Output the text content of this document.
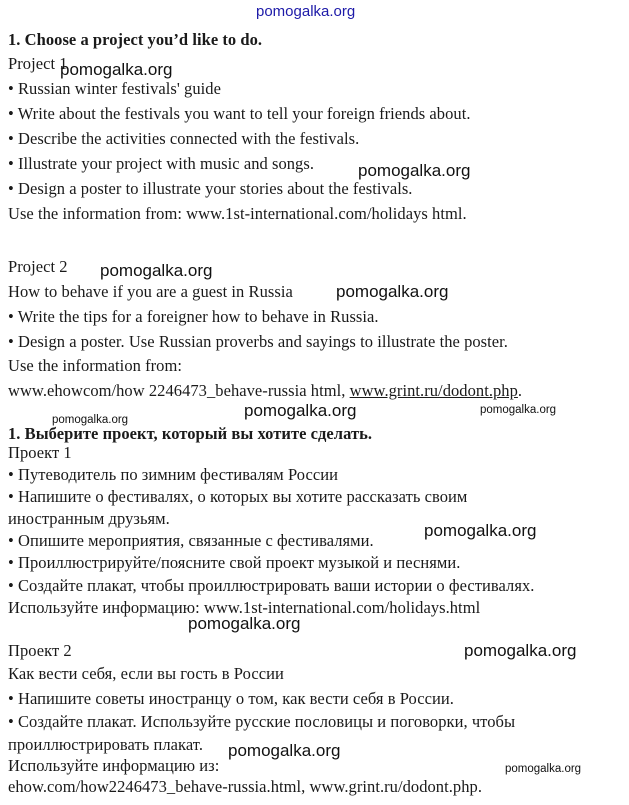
pomogalka.org
1. Choose a project you’d like to do.
Project 1
pomogalka.org
• Russian winter festivals' guide
• Write about the festivals you want to tell your foreign friends about.
• Describe the activities connected with the festivals.
• Illustrate your project with music and songs.	pomogalka.org
• Design a poster to illustrate your stories about the festivals.
Use the information from: www.1st-international.com/holidays html.
Project 2 pomogalka.org
How to behave if you are a guest in Russia	pomogalka.org
• Write the tips for a foreigner how to behave in Russia.
• Design a poster. Use Russian proverbs and sayings to illustrate the poster.
Use the information from:
www.ehowcom/how 2246473_behave-russia html, www.grint.ru/dodont.php.
pomogalka.org	pomogalka.org	pomogalka.org
1. Выберите проект, который вы хотите сделать.
Проект 1
• Путеводитель по зимним фестивалям России
• Напишите о фестивалях, о которых вы хотите рассказать своим
иностранным друзьям.
pomogalka.org
• Опишите мероприятия, связанные с фестивалями.
• Проиллюстрируйте/поясните свой проект музыкой и песнями.
• Создайте плакат, чтобы проиллюстрировать ваши истории о фестивалях.
Используйте информацию: www.1st-international.com/holidays.html
pomogalka.org
Проект 2	pomogalka.org
Как вести себя, если вы гость в России
• Напишите советы иностранцу о том, как вести себя в России.
• Создайте плакат. Используйте русские пословицы и поговорки, чтобы
проиллюстрировать плакат. pomogalka.org
Используйте информацию из:	pomogalka.org
ehow.com/how2246473_behave-russia.html, www.grint.ru/dodont.php.
